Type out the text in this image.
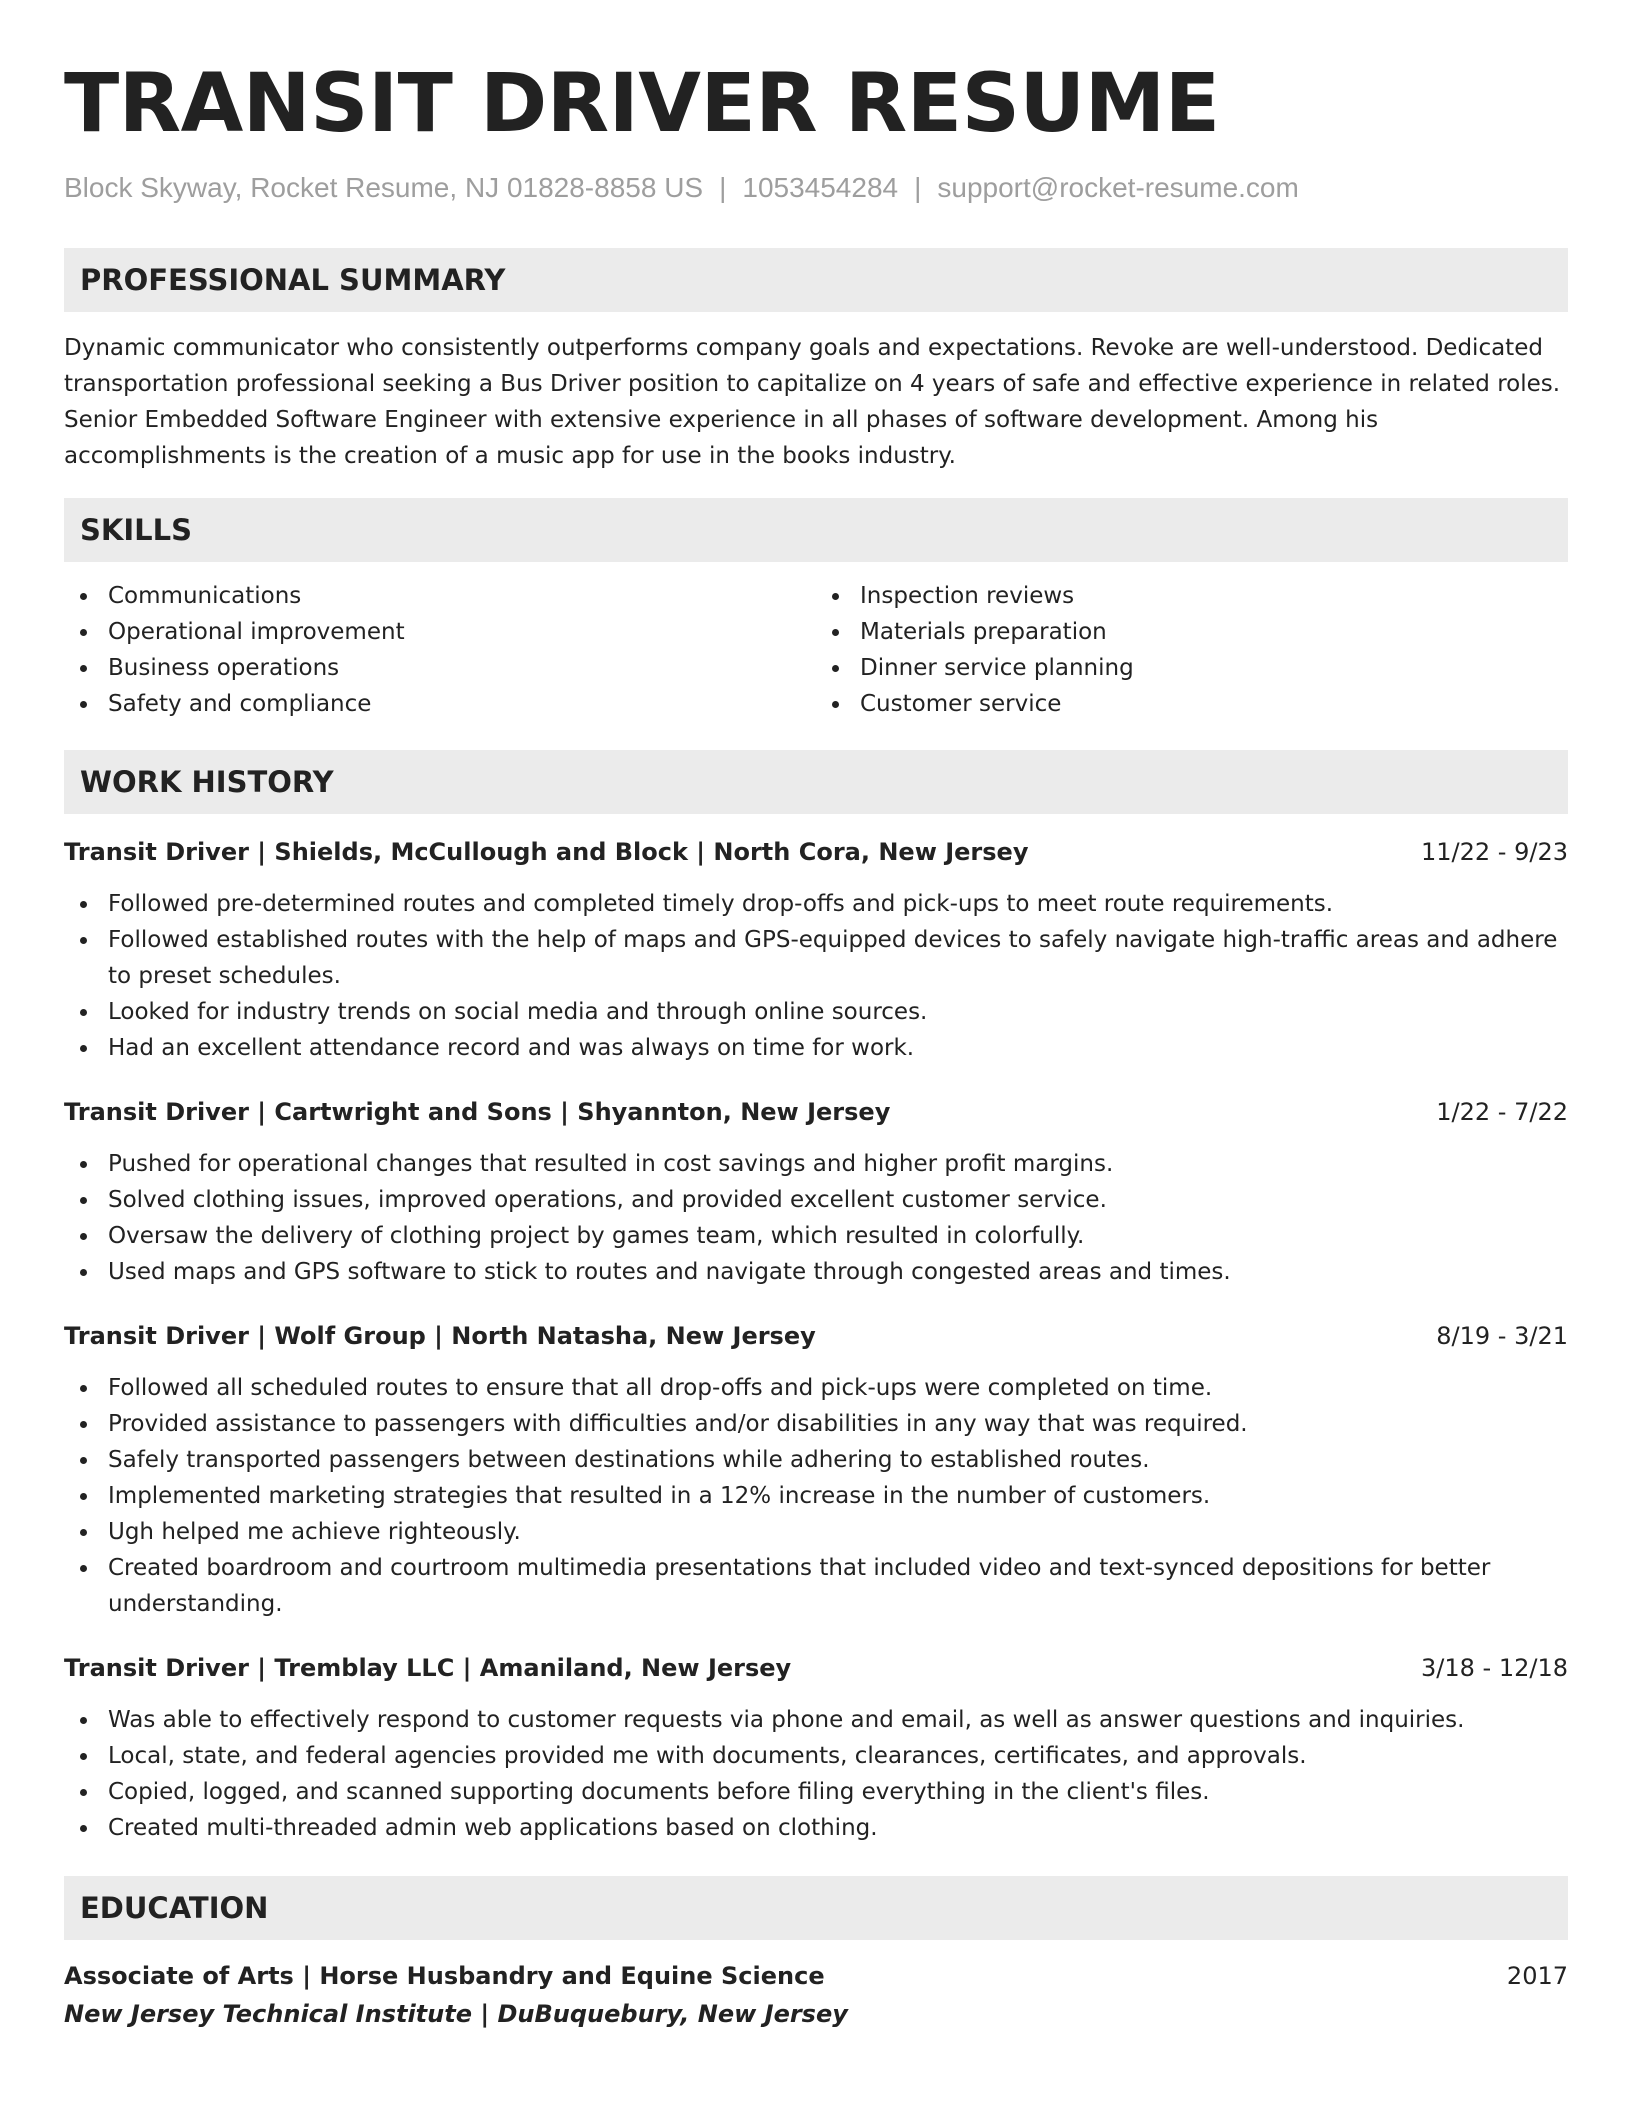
TRANSIT DRIVER RESUME
Block Skyway, Rocket Resume, NJ 01828-8858 US | 1053454284 | support@rocket-resume.com
PROFESSIONAL SUMMARY

Dynamic communicator who consistently outperforms company goals and expectations. Revoke are well-understood. Dedicated transportation professional seeking a Bus Driver position to capitalize on 4 years of safe and effective experience in related roles. Senior Embedded Software Engineer with extensive experience in all phases of software development. Among his accomplishments is the creation of a music app for use in the books industry.

SKILLS
Communications
Operational improvement
Business operations
Safety and compliance
Inspection reviews
Materials preparation
Dinner service planning
Customer service
WORK HISTORY
Transit Driver | Shields, McCullough and Block | North Cora, New Jersey	11/22 - 9/23
Followed pre-determined routes and completed timely drop-offs and pick-ups to meet route requirements.
Followed established routes with the help of maps and GPS-equipped devices to safely navigate high-traffic areas and adhere to preset schedules.
Looked for industry trends on social media and through online sources.
Had an excellent attendance record and was always on time for work.
Transit Driver | Cartwright and Sons | Shyannton, New Jersey	1/22 - 7/22
Pushed for operational changes that resulted in cost savings and higher profit margins.
Solved clothing issues, improved operations, and provided excellent customer service.
Oversaw the delivery of clothing project by games team, which resulted in colorfully.
Used maps and GPS software to stick to routes and navigate through congested areas and times.
Transit Driver | Wolf Group | North Natasha, New Jersey	8/19 - 3/21
Followed all scheduled routes to ensure that all drop-offs and pick-ups were completed on time.
Provided assistance to passengers with difficulties and/or disabilities in any way that was required.
Safely transported passengers between destinations while adhering to established routes.
Implemented marketing strategies that resulted in a 12% increase in the number of customers.
Ugh helped me achieve righteously.
Created boardroom and courtroom multimedia presentations that included video and text-synced depositions for better understanding.
Transit Driver | Tremblay LLC | Amaniland, New Jersey	3/18 - 12/18
Was able to effectively respond to customer requests via phone and email, as well as answer questions and inquiries.
Local, state, and federal agencies provided me with documents, clearances, certificates, and approvals.
Copied, logged, and scanned supporting documents before filing everything in the client's files.
Created multi-threaded admin web applications based on clothing.
EDUCATION
Associate of Arts | Horse Husbandry and Equine Science	2017
New Jersey Technical Institute | DuBuquebury, New Jersey
